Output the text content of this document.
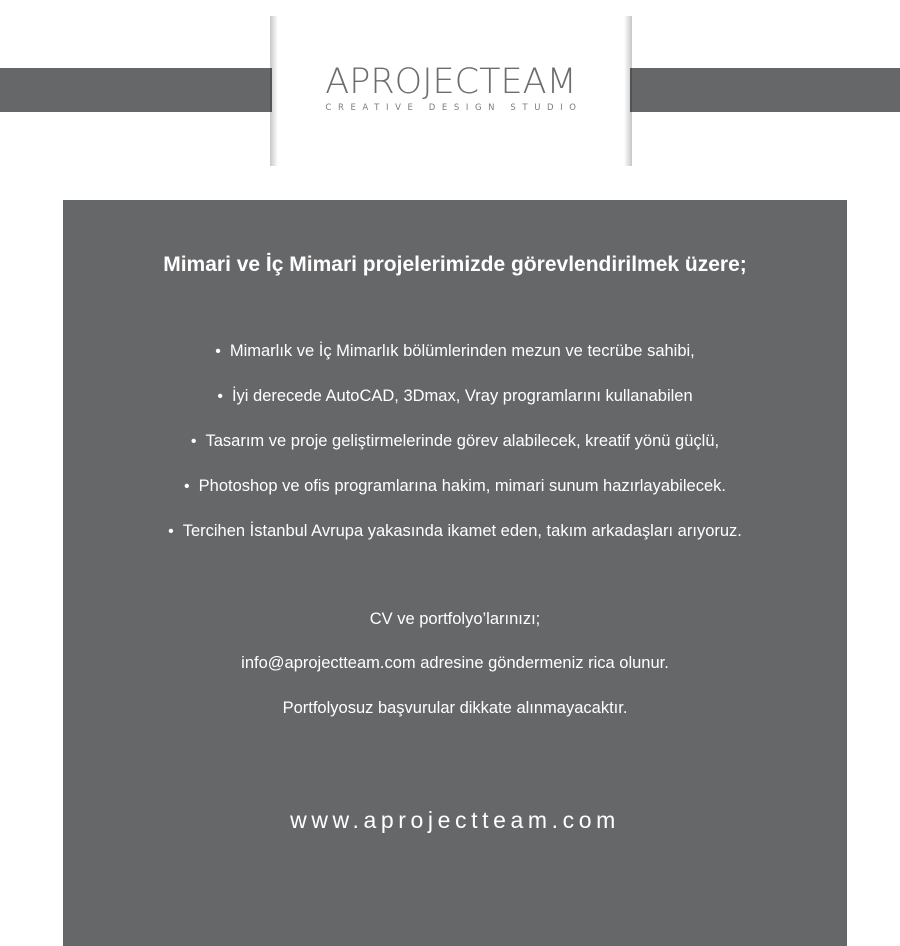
APROJECTEAM
CREATIVE DESIGN STUDIO
Mimari ve İç Mimari projelerimizde görevlendirilmek üzere;
• Mimarlık ve İç Mimarlık bölümlerinden mezun ve tecrübe sahibi,
• İyi derecede AutoCAD, 3Dmax, Vray programlarını kullanabilen
• Tasarım ve proje geliştirmelerinde görev alabilecek, kreatif yönü güçlü,
• Photoshop ve ofis programlarına hakim, mimari sunum hazırlayabilecek.
• Tercihen İstanbul Avrupa yakasında ikamet eden, takım arkadaşları arıyoruz.
CV ve portfolyo’larınızı;
info@aprojectteam.com adresine göndermeniz rica olunur.
Portfolyosuz başvurular dikkate alınmayacaktır.
www.aprojectteam.com
